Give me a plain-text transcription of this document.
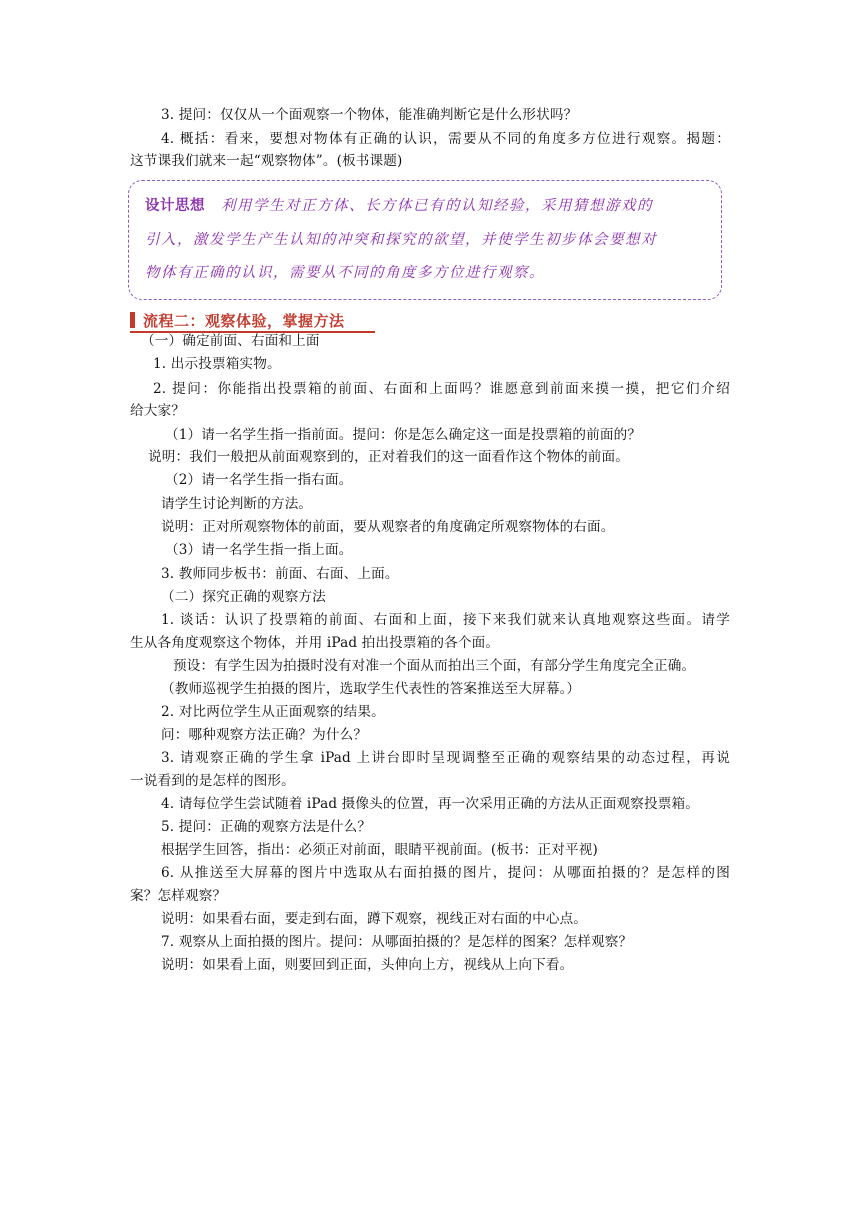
3. 提问：仅仅从一个面观察一个物体，能准确判断它是什么形状吗？
4. 概括：看来，要想对物体有正确的认识，需要从不同的角度多方位进行观察。揭题：
这节课我们就来一起“观察物体”。(板书课题)
设计思想 利用学生对正方体、长方体已有的认知经验，采用猜想游戏的
引入，激发学生产生认知的冲突和探究的欲望，并使学生初步体会要想对
物体有正确的认识，需要从不同的角度多方位进行观察。
流程二：观察体验，掌握方法
（一）确定前面、右面和上面
1. 出示投票箱实物。
2. 提问：你能指出投票箱的前面、右面和上面吗？谁愿意到前面来摸一摸，把它们介绍
给大家？
（1）请一名学生指一指前面。提问：你是怎么确定这一面是投票箱的前面的？
说明：我们一般把从前面观察到的，正对着我们的这一面看作这个物体的前面。
（2）请一名学生指一指右面。
请学生讨论判断的方法。
说明：正对所观察物体的前面，要从观察者的角度确定所观察物体的右面。
（3）请一名学生指一指上面。
3. 教师同步板书：前面、右面、上面。
（二）探究正确的观察方法
1. 谈话：认识了投票箱的前面、右面和上面，接下来我们就来认真地观察这些面。请学
生从各角度观察这个物体，并用 iPad 拍出投票箱的各个面。
预设：有学生因为拍摄时没有对准一个面从而拍出三个面，有部分学生角度完全正确。
（教师巡视学生拍摄的图片，选取学生代表性的答案推送至大屏幕。）
2. 对比两位学生从正面观察的结果。
问：哪种观察方法正确？为什么？
3. 请观察正确的学生拿 iPad 上讲台即时呈现调整至正确的观察结果的动态过程，再说
一说看到的是怎样的图形。
4. 请每位学生尝试随着 iPad 摄像头的位置，再一次采用正确的方法从正面观察投票箱。
5. 提问：正确的观察方法是什么？
根据学生回答，指出：必须正对前面，眼睛平视前面。(板书：正对平视)
6. 从推送至大屏幕的图片中选取从右面拍摄的图片，提问：从哪面拍摄的？是怎样的图
案？怎样观察？
说明：如果看右面，要走到右面，蹲下观察，视线正对右面的中心点。
7. 观察从上面拍摄的图片。提问：从哪面拍摄的？是怎样的图案？怎样观察？
说明：如果看上面，则要回到正面，头伸向上方，视线从上向下看。
